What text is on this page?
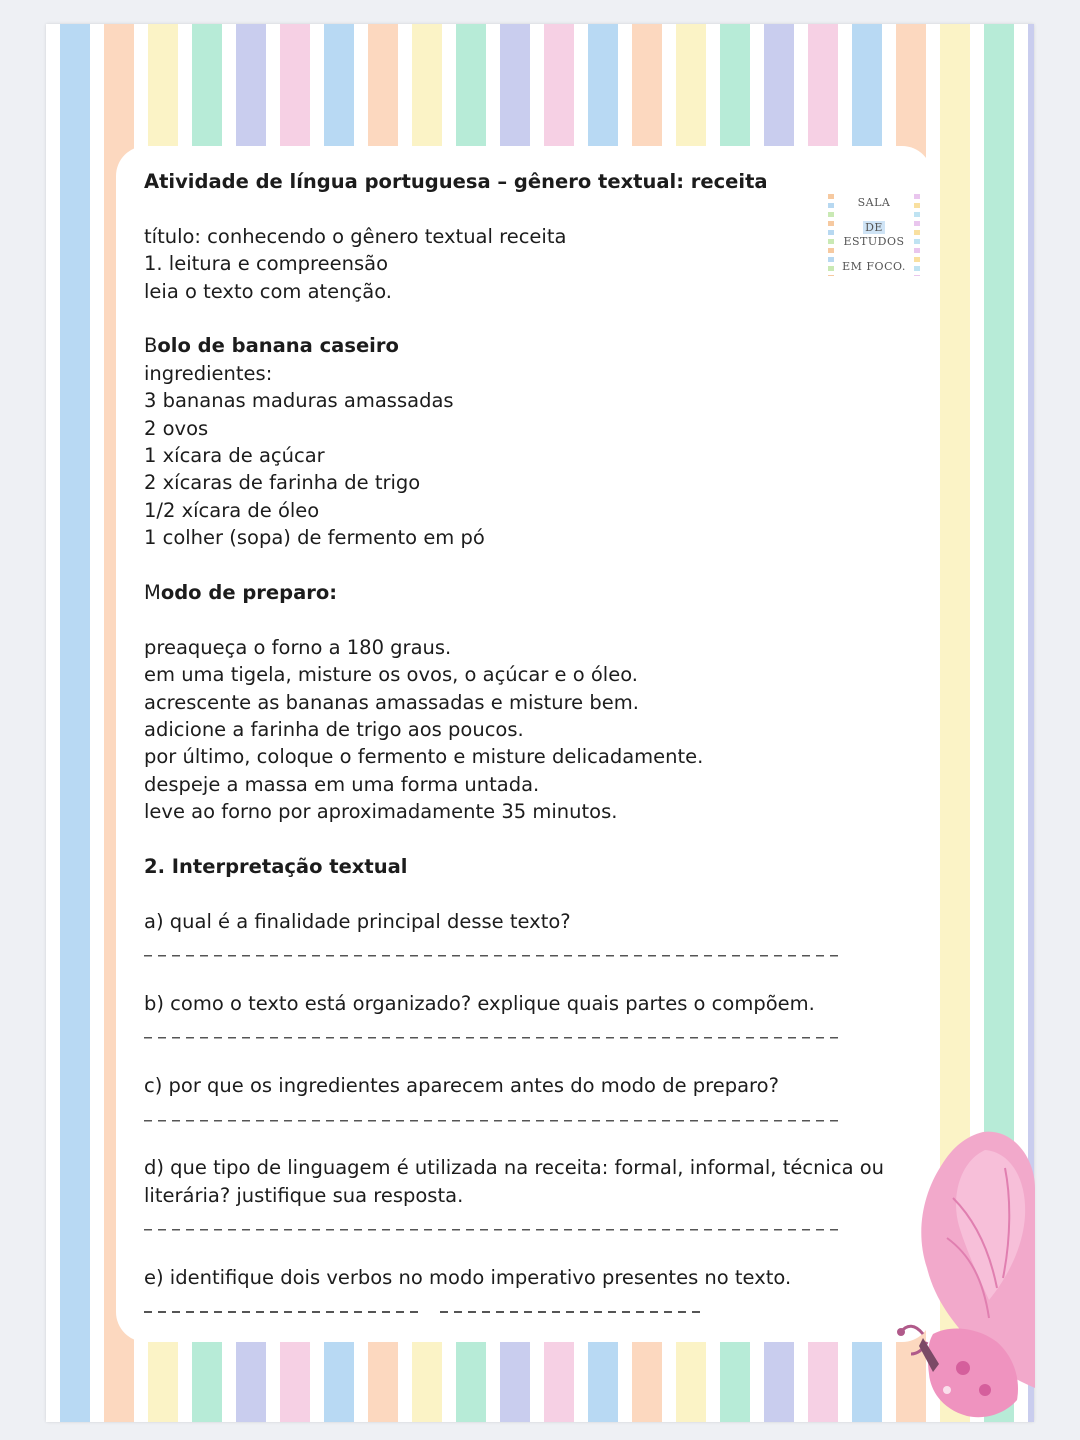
SALA
DE
ESTUDOS
EM FOCO.

Atividade de língua portuguesa – gênero textual: receita

título: conhecendo o gênero textual receita

1. leitura e compreensão

leia o texto com atenção.

Bolo de banana caseiro

ingredientes:

3 bananas maduras amassadas

2 ovos

1 xícara de açúcar

2 xícaras de farinha de trigo

1/2 xícara de óleo

1 colher (sopa) de fermento em pó

Modo de preparo:

preaqueça o forno a 180 graus.

em uma tigela, misture os ovos, o açúcar e o óleo.

acrescente as bananas amassadas e misture bem.

adicione a farinha de trigo aos poucos.

por último, coloque o fermento e misture delicadamente.

despeje a massa em uma forma untada.

leve ao forno por aproximadamente 35 minutos.

2. Interpretação textual

a) qual é a finalidade principal desse texto?

b) como o texto está organizado? explique quais partes o compõem.

c) por que os ingredientes aparecem antes do modo de preparo?

d) que tipo de linguagem é utilizada na receita: formal, informal, técnica ou literária? justifique sua resposta.

e) identifique dois verbos no modo imperativo presentes no texto.
